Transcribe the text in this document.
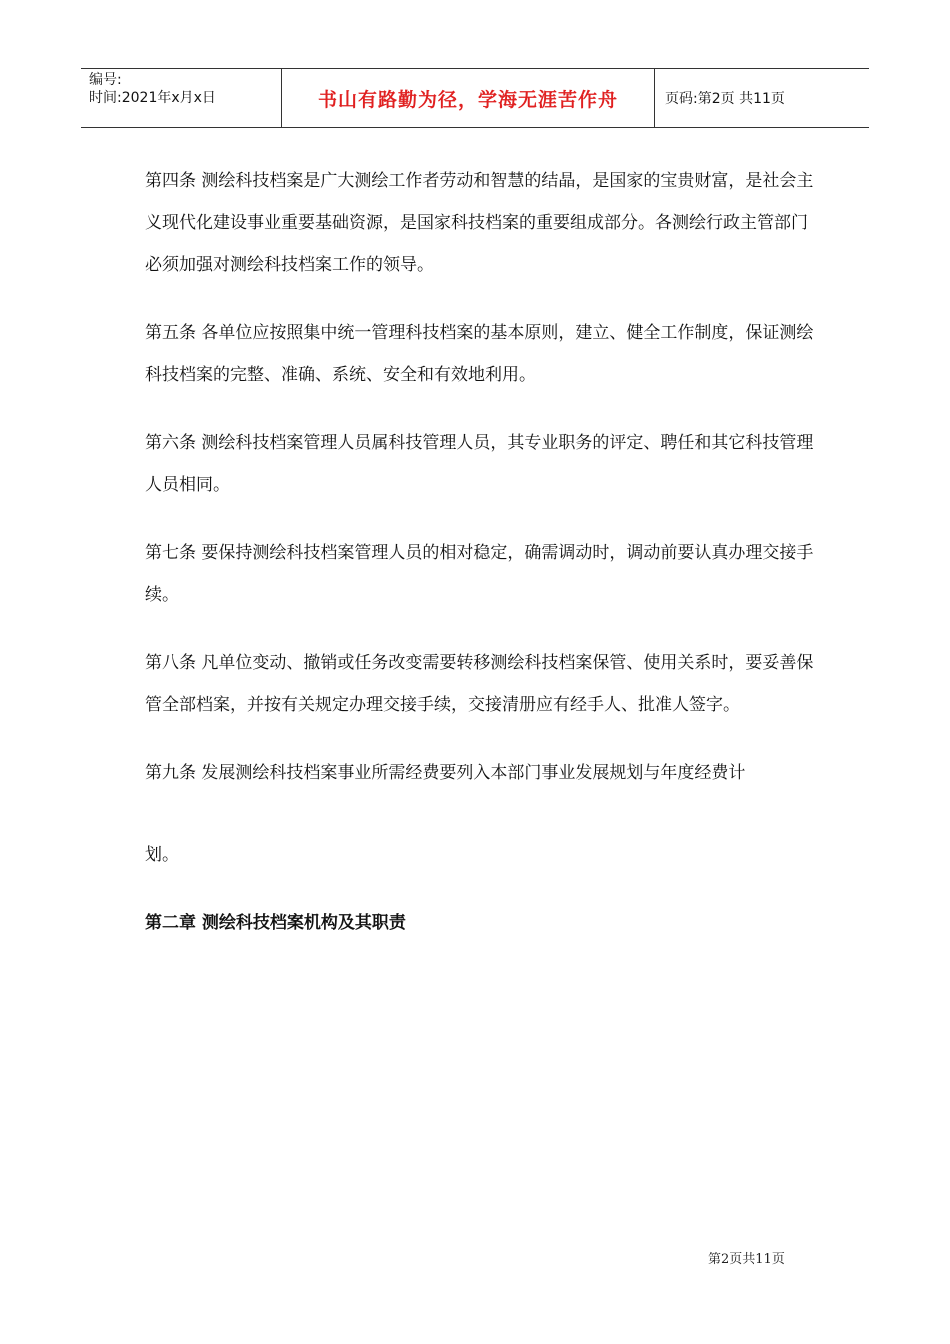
编号:
时间:2021年x月x日	书山有路勤为径，学海无涯苦作舟	页码:第2页 共11页

第四条 测绘科技档案是广大测绘工作者劳动和智慧的结晶，是国家的宝贵财富，是社会主义现代化建设事业重要基础资源，是国家科技档案的重要组成部分。各测绘行政主管部门必须加强对测绘科技档案工作的领导。

第五条 各单位应按照集中统一管理科技档案的基本原则，建立、健全工作制度，保证测绘科技档案的完整、准确、系统、安全和有效地利用。

第六条 测绘科技档案管理人员属科技管理人员，其专业职务的评定、聘任和其它科技管理人员相同。

第七条 要保持测绘科技档案管理人员的相对稳定，确需调动时，调动前要认真办理交接手续。

第八条 凡单位变动、撤销或任务改变需要转移测绘科技档案保管、使用关系时，要妥善保管全部档案，并按有关规定办理交接手续，交接清册应有经手人、批准人签字。

第九条 发展测绘科技档案事业所需经费要列入本部门事业发展规划与年度经费计

划。

第二章 测绘科技档案机构及其职责
第2页共11页
